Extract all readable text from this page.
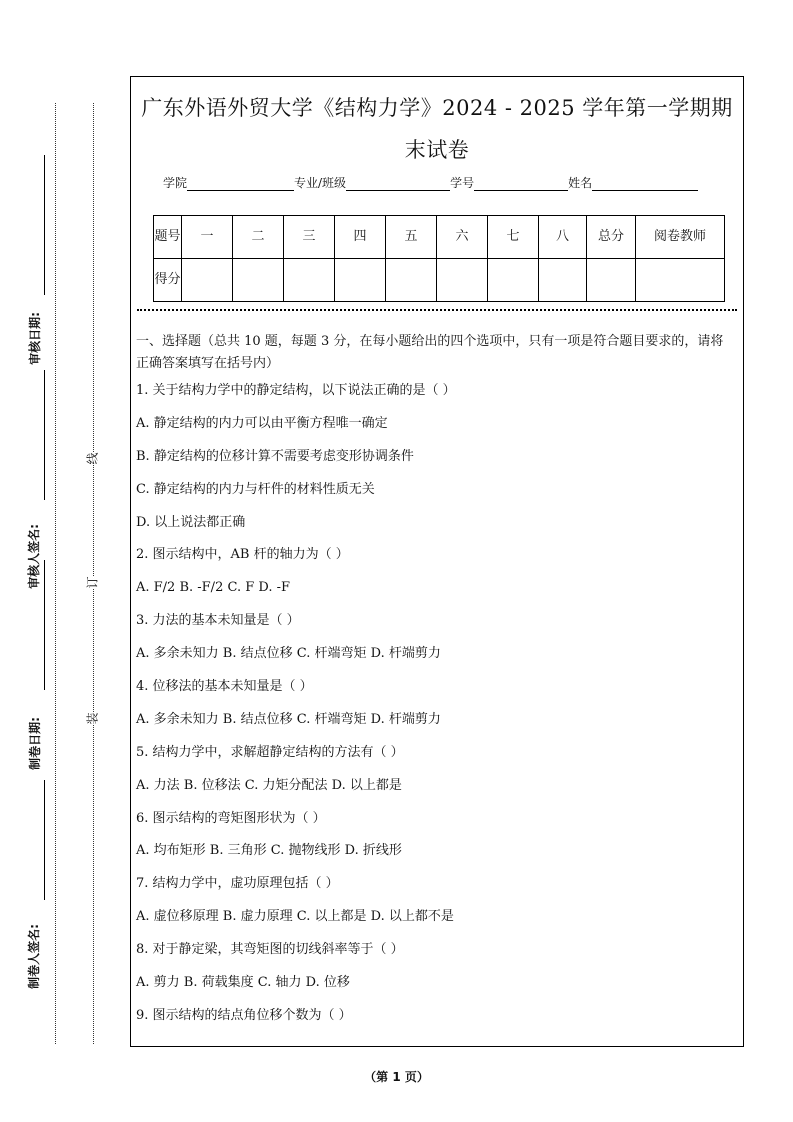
审核日期:
审核人签名:
制卷日期:
制卷人签名:
线
订
装
广东外语外贸大学《结构力学》2024 - 2025 学年第一学期期末试卷
学院	专业/班级	学号	姓名
题号	一	二	三	四	五	六	七	八	总分	阅卷教师
得分										

一、选择题（总共 10 题，每题 3 分，在每小题给出的四个选项中，只有一项是符合题目要求的，请将正确答案填写在括号内）

1. 关于结构力学中的静定结构，以下说法正确的是（ ）
A. 静定结构的内力可以由平衡方程唯一确定
B. 静定结构的位移计算不需要考虑变形协调条件
C. 静定结构的内力与杆件的材料性质无关
D. 以上说法都正确
2. 图示结构中，AB 杆的轴力为（ ）
A. F/2 B. -F/2 C. F D. -F
3. 力法的基本未知量是（ ）
A. 多余未知力 B. 结点位移 C. 杆端弯矩 D. 杆端剪力
4. 位移法的基本未知量是（ ）
A. 多余未知力 B. 结点位移 C. 杆端弯矩 D. 杆端剪力
5. 结构力学中，求解超静定结构的方法有（ ）
A. 力法 B. 位移法 C. 力矩分配法 D. 以上都是
6. 图示结构的弯矩图形状为（ ）
A. 均布矩形 B. 三角形 C. 抛物线形 D. 折线形
7. 结构力学中，虚功原理包括（ ）
A. 虚位移原理 B. 虚力原理 C. 以上都是 D. 以上都不是
8. 对于静定梁，其弯矩图的切线斜率等于（ ）
A. 剪力 B. 荷载集度 C. 轴力 D. 位移
9. 图示结构的结点角位移个数为（ ）
（第 1 页）
